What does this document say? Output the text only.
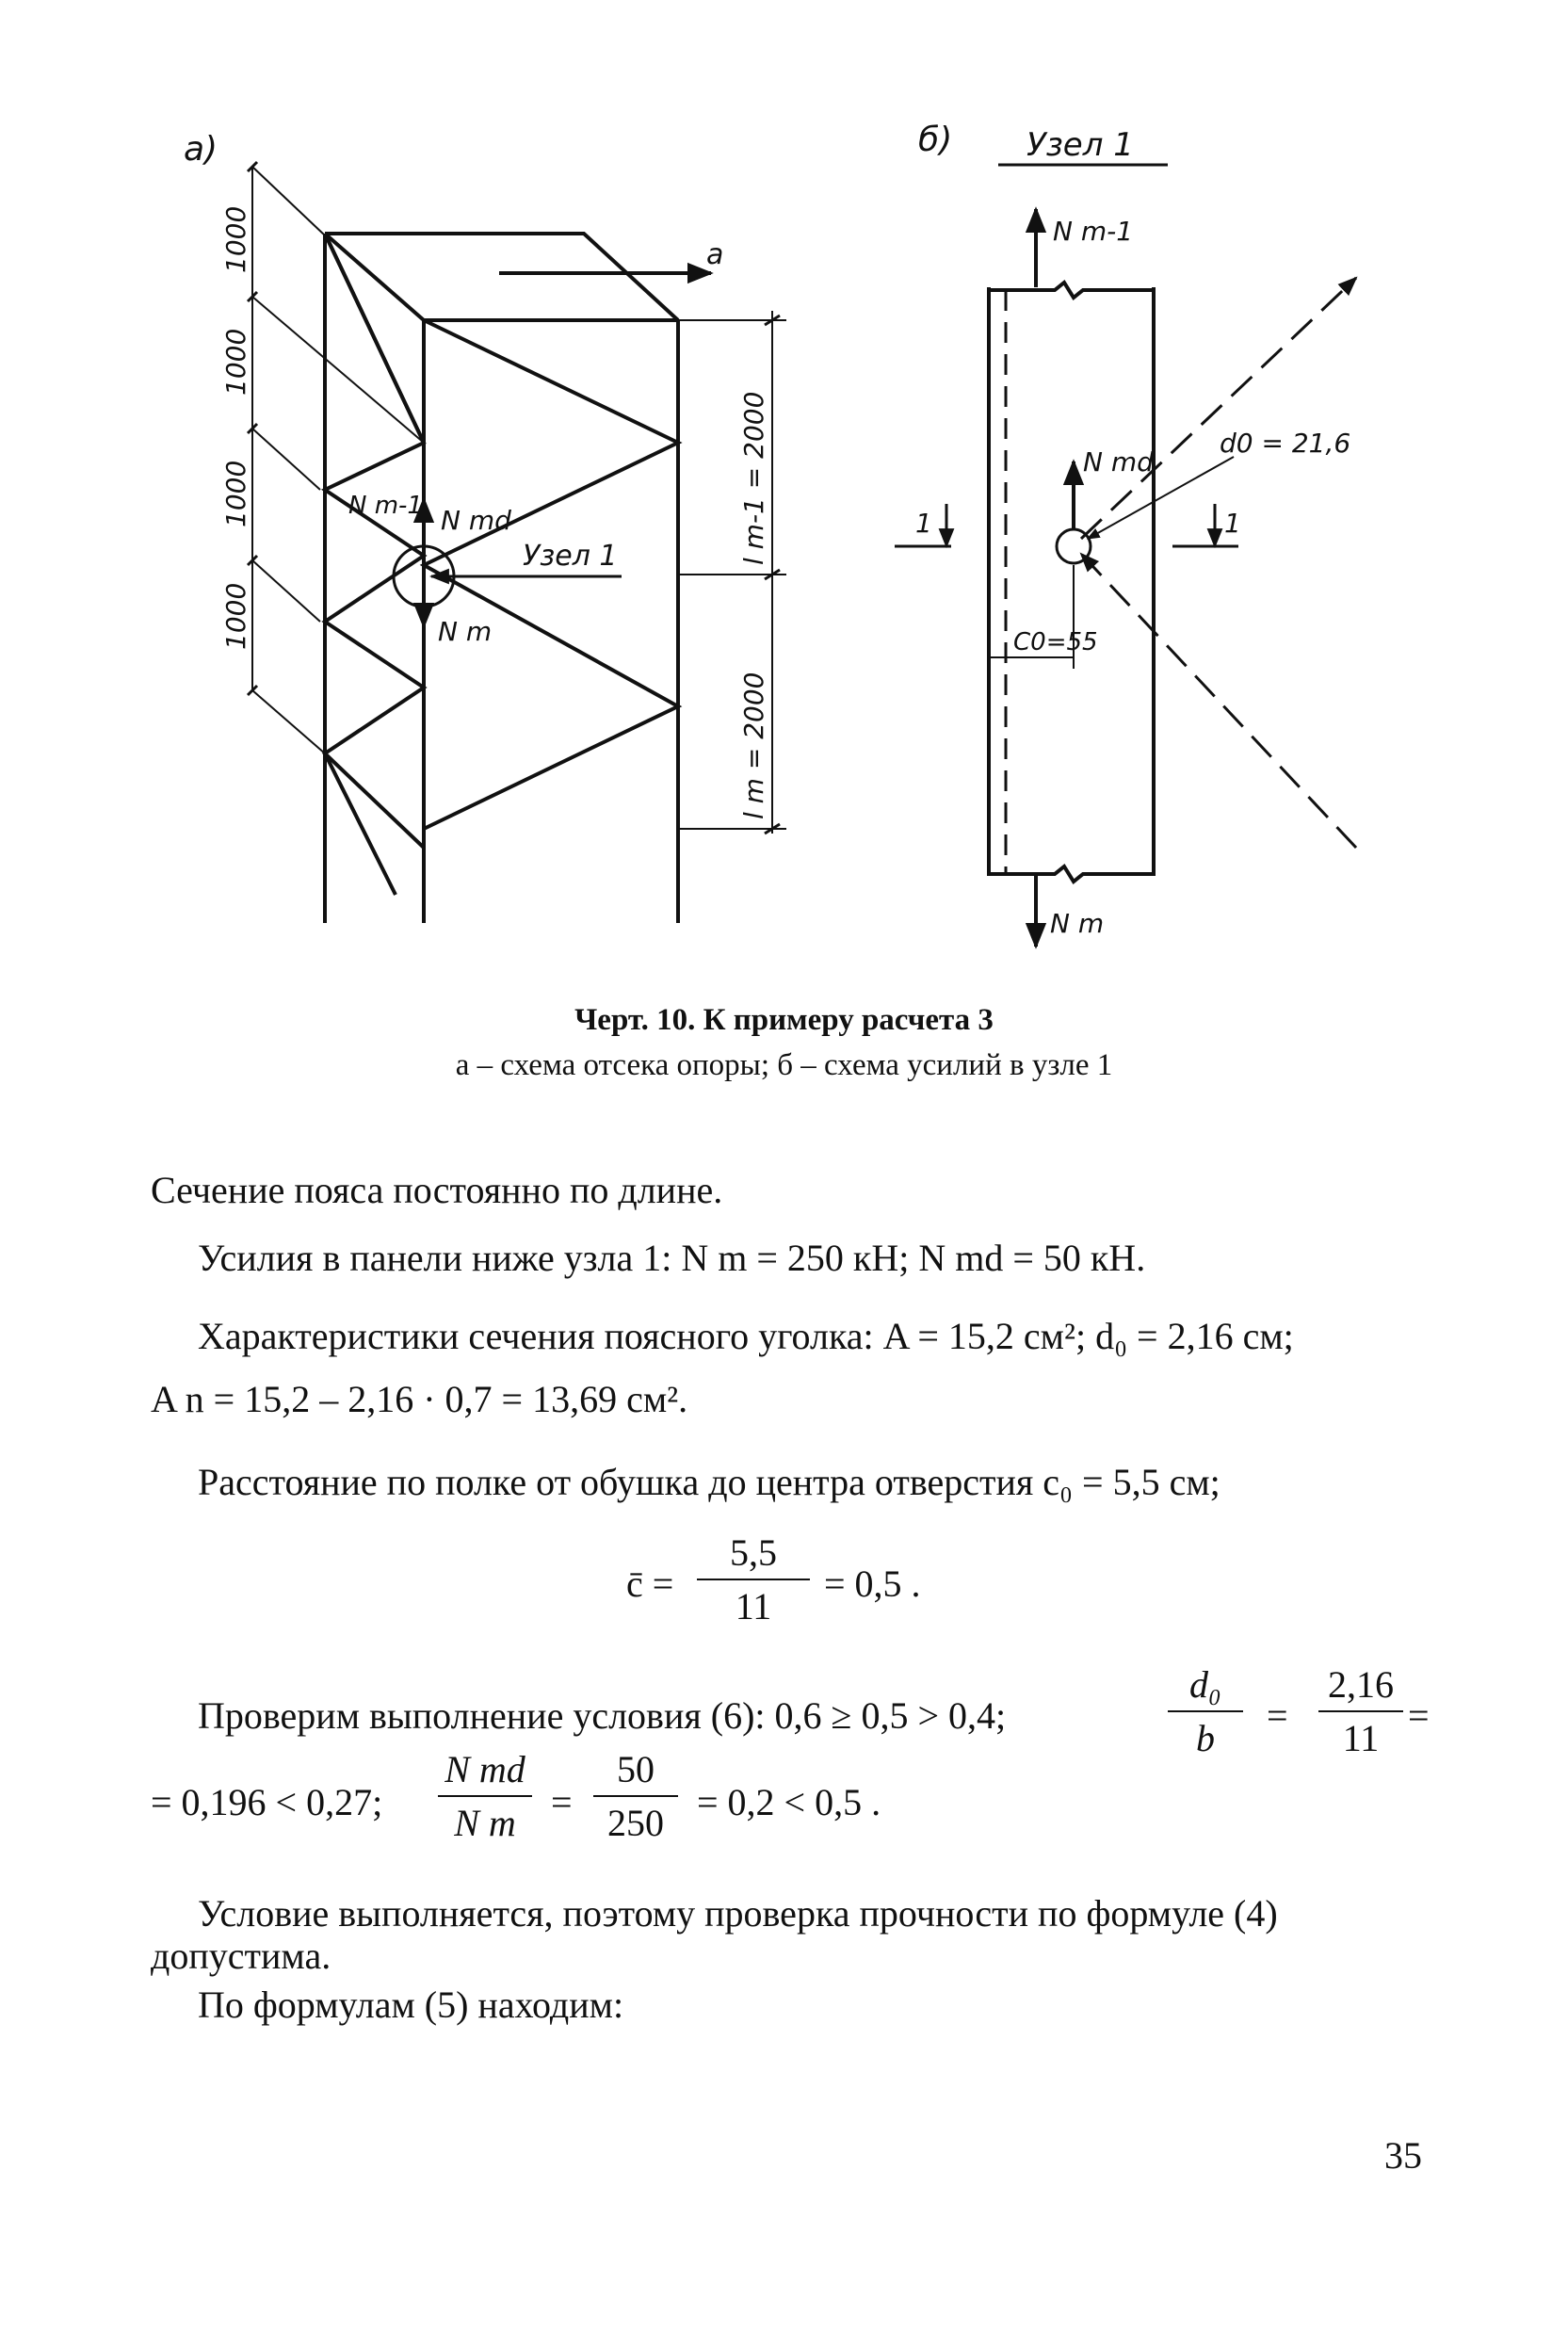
a)
1000
1000
1000
1000
l m-1 = 2000
l m = 2000
a
N m-1 N md
N m
Узел 1
б) Узел 1
N m-1
N md
N m
d0 = 21,6
C0=55
1	1
Черт. 10. К примеру расчета 3
а – схема отсека опоры; б – схема усилий в узле 1
Сечение пояса постоянно по длине.
Усилия в панели ниже узла 1: N m = 250 кН; N md = 50 кН.
Характеристики сечения поясного уголка: A = 15,2 см²; d₀ = 2,16 см;
A n = 15,2 – 2,16 · 0,7 = 13,69 см².
Расстояние по полке от обушка до центра отверстия c₀ = 5,5 см;
c̄ =
5,5
11
= 0,5 .
Проверим выполнение условия (6): 0,6 ≥ 0,5 > 0,4;
d₀
b
=
2,16
11
=
= 0,196 < 0,27;
N md
N m =
50
250 = 0,2 < 0,5 .
Условие выполняется, поэтому проверка прочности по формуле (4)
допустима.
По формулам (5) находим:
35
